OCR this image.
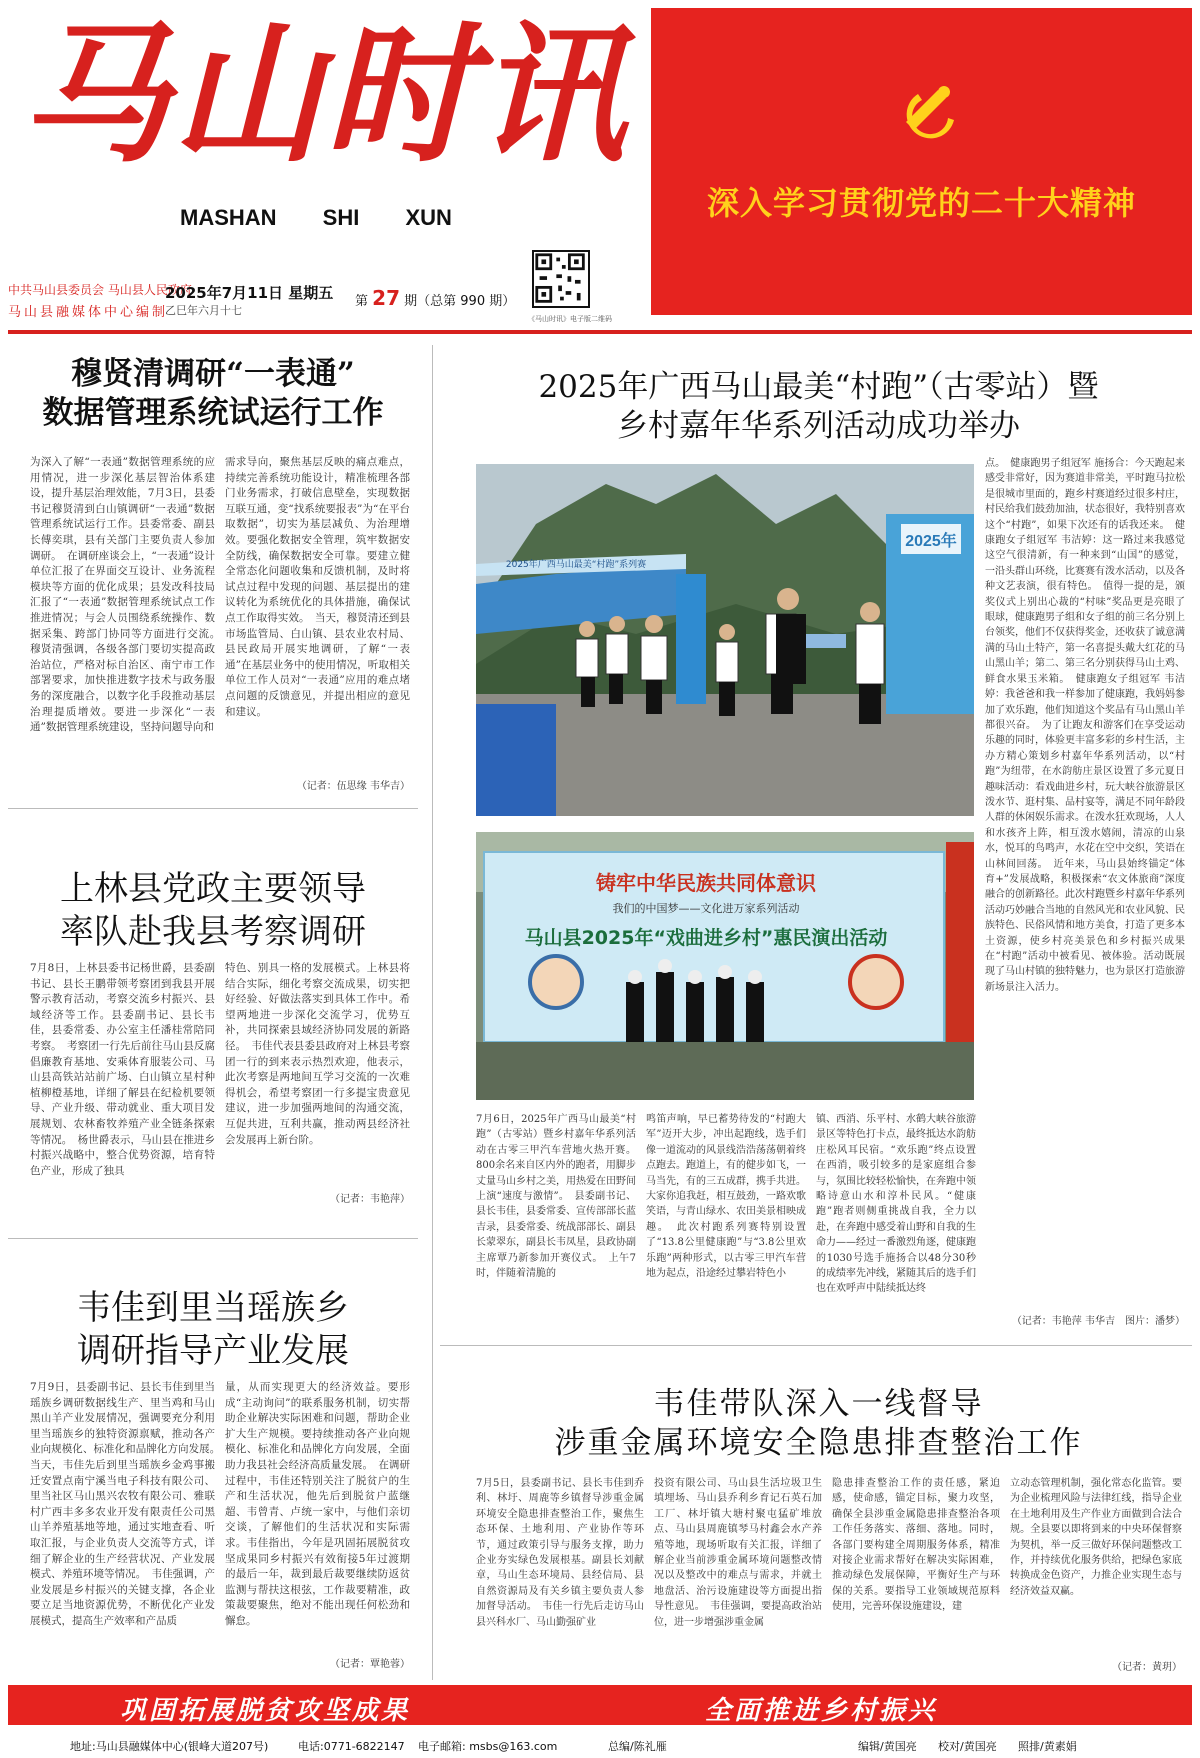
马山时讯
MASHAN SHI XUN	深入学习贯彻党的二十大精神
中共马山县委员会 马山县人民政府
马山县融媒体中心编制
2025年7月11日 星期五
乙巳年六月十七
第 27 期（总第 990 期）
《马山时讯》电子版二维码
穆贤清调研“一表通”
数据管理系统试运行工作
为深入了解“一表通”数据管理系统的应用情况，进一步深化基层智治体系建设，提升基层治理效能，7月3日，县委书记穆贤清到白山镇调研“一表通”数据管理系统试运行工作。县委常委、副县长傅奕琪，县有关部门主要负责人参加调研。　在调研座谈会上，“一表通”设计单位汇报了在界面交互设计、业务流程模块等方面的优化成果；县发改科技局汇报了“一表通”数据管理系统试点工作推进情况；与会人员围绕系统操作、数据采集、跨部门协同等方面进行交流。　穆贤清强调，各级各部门要切实提高政治站位，严格对标自治区、南宁市工作部署要求，加快推进数字技术与政务服务的深度融合，以数字化手段推动基层治理提质增效。要进一步深化“一表通”数据管理系统建设，坚持问题导向和
需求导向，聚焦基层反映的痛点难点，持续完善系统功能设计，精准梳理各部门业务需求，打破信息壁垒，实现数据互联互通，变“找系统要报表”为“在平台取数据”，切实为基层减负、为治理增效。要强化数据安全管理，筑牢数据安全防线，确保数据安全可靠。要建立健全常态化问题收集和反馈机制，及时将试点过程中发现的问题、基层提出的建议转化为系统优化的具体措施，确保试点工作取得实效。　当天，穆贤清还到县市场监管局、白山镇、县农业农村局、县民政局开展实地调研，了解“一表通”在基层业务中的使用情况，听取相关单位工作人员对“一表通”应用的难点堵点问题的反馈意见，并提出相应的意见和建议。
（记者：伍思缘 韦华吉）
上林县党政主要领导
率队赴我县考察调研
7月8日，上林县委书记杨世爵，县委副书记、县长王鹏带领考察团到我县开展警示教育活动，考察交流乡村振兴、县域经济等工作。县委副书记、县长韦佳，县委常委、办公室主任潘桂常陪同考察。　考察团一行先后前往马山县反腐倡廉教育基地、安乘体育服装公司、马山县高铁站站前广场、白山镇立星村种植柳橙基地，详细了解县在纪检机要领导、产业升级、带动就业、重大项目发展规划、农林畜牧养殖产业全链条探索等情况。　杨世爵表示，马山县在推进乡村振兴战略中，整合优势资源，培育特色产业，形成了独具
特色、别具一格的发展模式。上林县将结合实际，细化考察交流成果，切实把好经验、好做法落实到具体工作中。希望两地进一步深化交流学习，优势互补，共同探索县域经济协同发展的新路径。　韦佳代表县委县政府对上林县考察团一行的到来表示热烈欢迎，他表示，此次考察是两地间互学习交流的一次难得机会，希望考察团一行多提宝贵意见建议，进一步加强两地间的沟通交流，互促共进，互利共赢，推动两县经济社会发展再上新台阶。
（记者：韦艳萍）
韦佳到里当瑶族乡
调研指导产业发展
7月9日，县委副书记、县长韦佳到里当瑶族乡调研数据线生产、里当鸡和马山黑山羊产业发展情况，强调要充分利用里当瑶族乡的独特资源禀赋，推动各产业向规模化、标准化和品牌化方向发展。　当天，韦佳先后到里当瑶族乡金鸡事搬迁安置点南宁溪当电子科技有限公司、里当社区马山黑兴农牧有限公司、雅联村广西丰多多农业开发有限责任公司黑山羊养殖基地等地，通过实地查看、听取汇报，与企业负责人交流等方式，详细了解企业的生产经营状况、产业发展模式、养殖环境等情况。　韦佳强调，产业发展是乡村振兴的关键支撑，各企业要立足当地资源优势，不断优化产业发展模式，提高生产效率和产品质
量，从而实现更大的经济效益。要形成“主动询问”的联系服务机制，切实帮助企业解决实际困难和问题，帮助企业扩大生产规模。要持续推动各产业向规模化、标准化和品牌化方向发展，全面助力我县社会经济高质量发展。　在调研过程中，韦佳还特别关注了脱贫户的生产和生活状况，他先后到脱贫户蓝继超、韦曾青、卢统一家中，与他们亲切交谈，了解他们的生活状况和实际需求。韦佳指出，今年是巩固拓展脱贫攻坚成果同乡村振兴有效衔接5年过渡期的最后一年，裁到最后裁要继续防返贫监测与帮扶这根弦，工作裁要精准，政策裁要聚焦，绝对不能出现任何松劲和懈怠。
（记者：覃艳蓉）
2025年广西马山最美“村跑”（古零站）暨
乡村嘉年华系列活动成功举办
2025年
2025年广西马山最美“村跑”系列赛
铸牢中华民族共同体意识
我们的中国梦——文化进万家系列活动
马山县2025年“戏曲进乡村”惠民演出活动
点。　健康跑男子组冠军 施扬合：今天跑起来感受非常好，因为赛道非常美，平时跑马拉松是很城市里面的，跑乡村赛道经过很多村庄，村民给我们鼓劲加油，状态很好，我特别喜欢这个“村跑”，如果下次还有的话我还来。　健康跑女子组冠军 韦洁婷：这一路过来我感觉这空气很清新，有一种来到“山国”的感觉，一沿头群山环绕，比赛赛有泼水活动，以及各种文艺表演，很有特色。　值得一提的是，颁奖仪式上别出心裁的“村味”奖品更是亮眼了眼球，健康跑男子组和女子组的前三名分别上台领奖，他们不仅获得奖金，还收获了诚意满满的马山土特产，第一名喜提头戴大红花的马山黑山羊；第二、第三名分别获得马山土鸡、鲜食水果玉米箱。　健康跑女子组冠军 韦洁婷：我爸爸和我一样参加了健康跑，我妈妈参加了欢乐跑，他们知道这个奖品有马山黑山羊都很兴奋。　为了让跑友和游客们在享受运动乐趣的同时，体验更丰富多彩的乡村生活，主办方精心策划乡村嘉年华系列活动，以“村跑”为纽带，在水韵舫庄景区设置了多元夏日趣味活动：看戏曲进乡村，玩大峡谷旅游景区泼水节、逛村集、品村宴等，满足不同年龄段人群的休闲娱乐需求。在泼水狂欢现场，人人和水孩齐上阵，相互泼水嬉闹，清凉的山泉水，悦耳的鸟鸣声，水花在空中交织，笑语在山林间回荡。　近年来，马山县始终锚定“体育+”发展战略，积极探索“农文体旅商”深度融合的创新路径。此次村跑暨乡村嘉年华系列活动巧妙融合当地的自然风光和农业风貌、民族特色、民俗风情和地方美食，打造了更多本土资源，使乡村亮美景色和乡村振兴成果在“村跑”活动中被看见、被体验。活动既展现了马山村镇的独特魅力，也为景区打造旅游新场景注入活力。
（记者：韦艳萍 韦华吉　图片：潘梦）
7月6日，2025年广西马山最美“村跑”（古零站）暨乡村嘉年华系列活动在古零三甲汽车营地火热开赛。800余名来自区内外的跑者，用脚步丈量马山乡村之美，用热爱在田野间上演“速度与激情”。　县委副书记、县长韦佳，县委常委、宣传部部长蓝吉录，县委常委、统战部部长、副县长蒙翠东，副县长韦凤星，县政协副主席覃乃新参加开赛仪式。　上午7时，伴随着清脆的
鸣笛声响，早已蓄势待发的“村跑大军”迈开大步，冲出起跑线，选手们像一道流动的风景线浩浩荡荡朝着终点跑去。跑道上，有的健步如飞，一马当先，有的三五成群，携手共进。大家你追我赶，相互鼓劲，一路欢歌笑语，与青山绿水、农田美景相映成趣。　此次村跑系列赛特别设置了“13.8公里健康跑”与“3.8公里欢乐跑”两种形式，以古零三甲汽车营地为起点，沿途经过攀岩特色小
镇、西消、乐平村、水鹤大峡谷旅游景区等特色打卡点，最终抵达水韵舫庄松风耳民宿。“欢乐跑”终点设置在西消，吸引较多的是家庭组合参与，氛围比较轻松愉快，在奔跑中领略诗意山水和淳朴民风。“健康跑”跑者则侧重挑战自我，全力以赴，在奔跑中感受着山野和自我的生命力——经过一番激烈角逐，健康跑的1030号选手施扬合以48分30秒的成绩率先冲线，紧随其后的选手们也在欢呼声中陆续抵达终
韦佳带队深入一线督导
涉重金属环境安全隐患排查整治工作
7月5日，县委副书记、县长韦佳到乔利、林圩、周鹿等乡镇督导涉重金属环境安全隐患排查整治工作，聚焦生态环保、土地利用、产业协作等环节，通过政策引导与服务支撑，助力企业夯实绿色发展根基。副县长刘献章，马山生态环境局、县经信局、县自然资源局及有关乡镇主要负责人参加督导活动。　韦佳一行先后走访马山县兴科水厂、马山勤强矿业
投资有限公司、马山县生活垃圾卫生填埋场、马山县乔利乡育记石英石加工厂、林圩镇大塘村聚屯猛矿堆放点、马山县周鹿镇琴马村鑫会水产养殖等地，现场听取有关汇报，详细了解企业当前涉重金属环境问题整改情况以及整改中的难点与需求，并就土地盘活、治污设施建设等方面提出指导性意见。　韦佳强调，要提高政治站位，进一步增强涉重金属
隐患排查整治工作的责任感，紧迫感，使命感，锚定目标，聚力攻坚，确保全县涉重金属隐患排查整治各项工作任务落实、落细、落地。同时，各部门要构建全周期服务体系，精准对接企业需求帮好在解决实际困难，推动绿色发展保障，平衡好生产与环保的关系。要指导工业领域规范原料使用，完善环保设施建设，建
立动态管理机制，强化常态化监管。要为企业梳理风险与法律红线，指导企业在土地利用及生产作业方面做到合法合规。全县要以即将到来的中央环保督察为契机，举一反三做好环保问题整改工作，并持续优化服务供给，把绿色家底转换成金色资产，力推企业实现生态与经济效益双赢。
（记者：黄玥）
巩固拓展脱贫攻坚成果	全面推进乡村振兴
地址:马山县融媒体中心(银峰大道207号)	电话:0771-6822147 电子邮箱: msbs@163.com	总编/陈礼雁	编辑/黄国亮 校对/黄国亮 照排/黄素娟
